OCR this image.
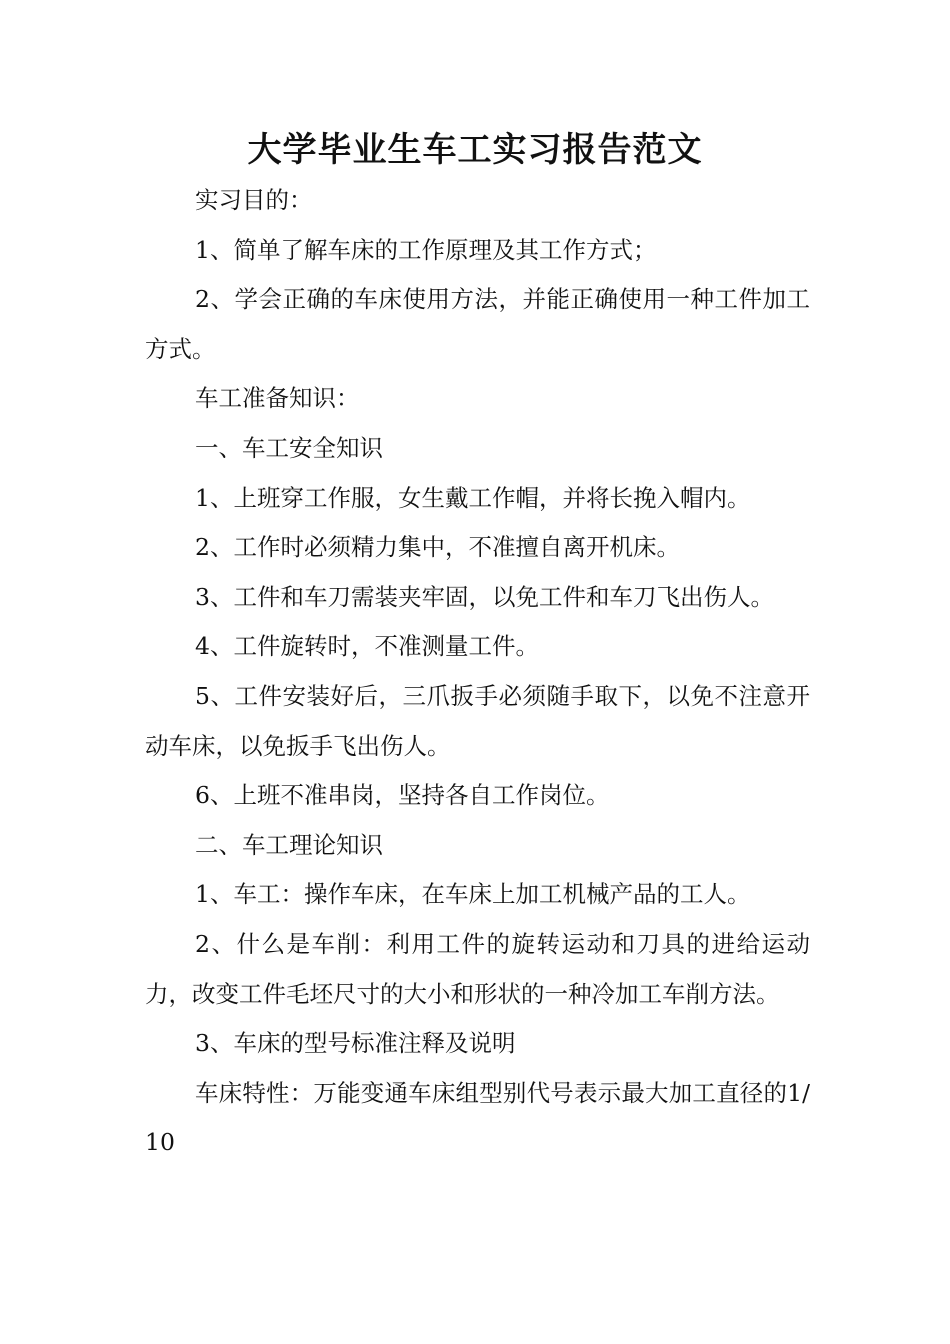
大学毕业生车工实习报告范文

实习目的：

1、简单了解车床的工作原理及其工作方式；

2、学会正确的车床使用方法，并能正确使用一种工件加工方式。

车工准备知识：

一、车工安全知识

1、上班穿工作服，女生戴工作帽，并将长挽入帽内。

2、工作时必须精力集中，不准擅自离开机床。

3、工件和车刀需装夹牢固，以免工件和车刀飞出伤人。

4、工件旋转时，不准测量工件。

5、工件安装好后，三爪扳手必须随手取下，以免不注意开动车床，以免扳手飞出伤人。

6、上班不准串岗，坚持各自工作岗位。

二、车工理论知识

1、车工：操作车床，在车床上加工机械产品的工人。

2、什么是车削：利用工件的旋转运动和刀具的进给运动力，改变工件毛坯尺寸的大小和形状的一种冷加工车削方法。

3、车床的型号标准注释及说明

车床特性：万能变通车床组型别代号表示最大加工直径的1/10
